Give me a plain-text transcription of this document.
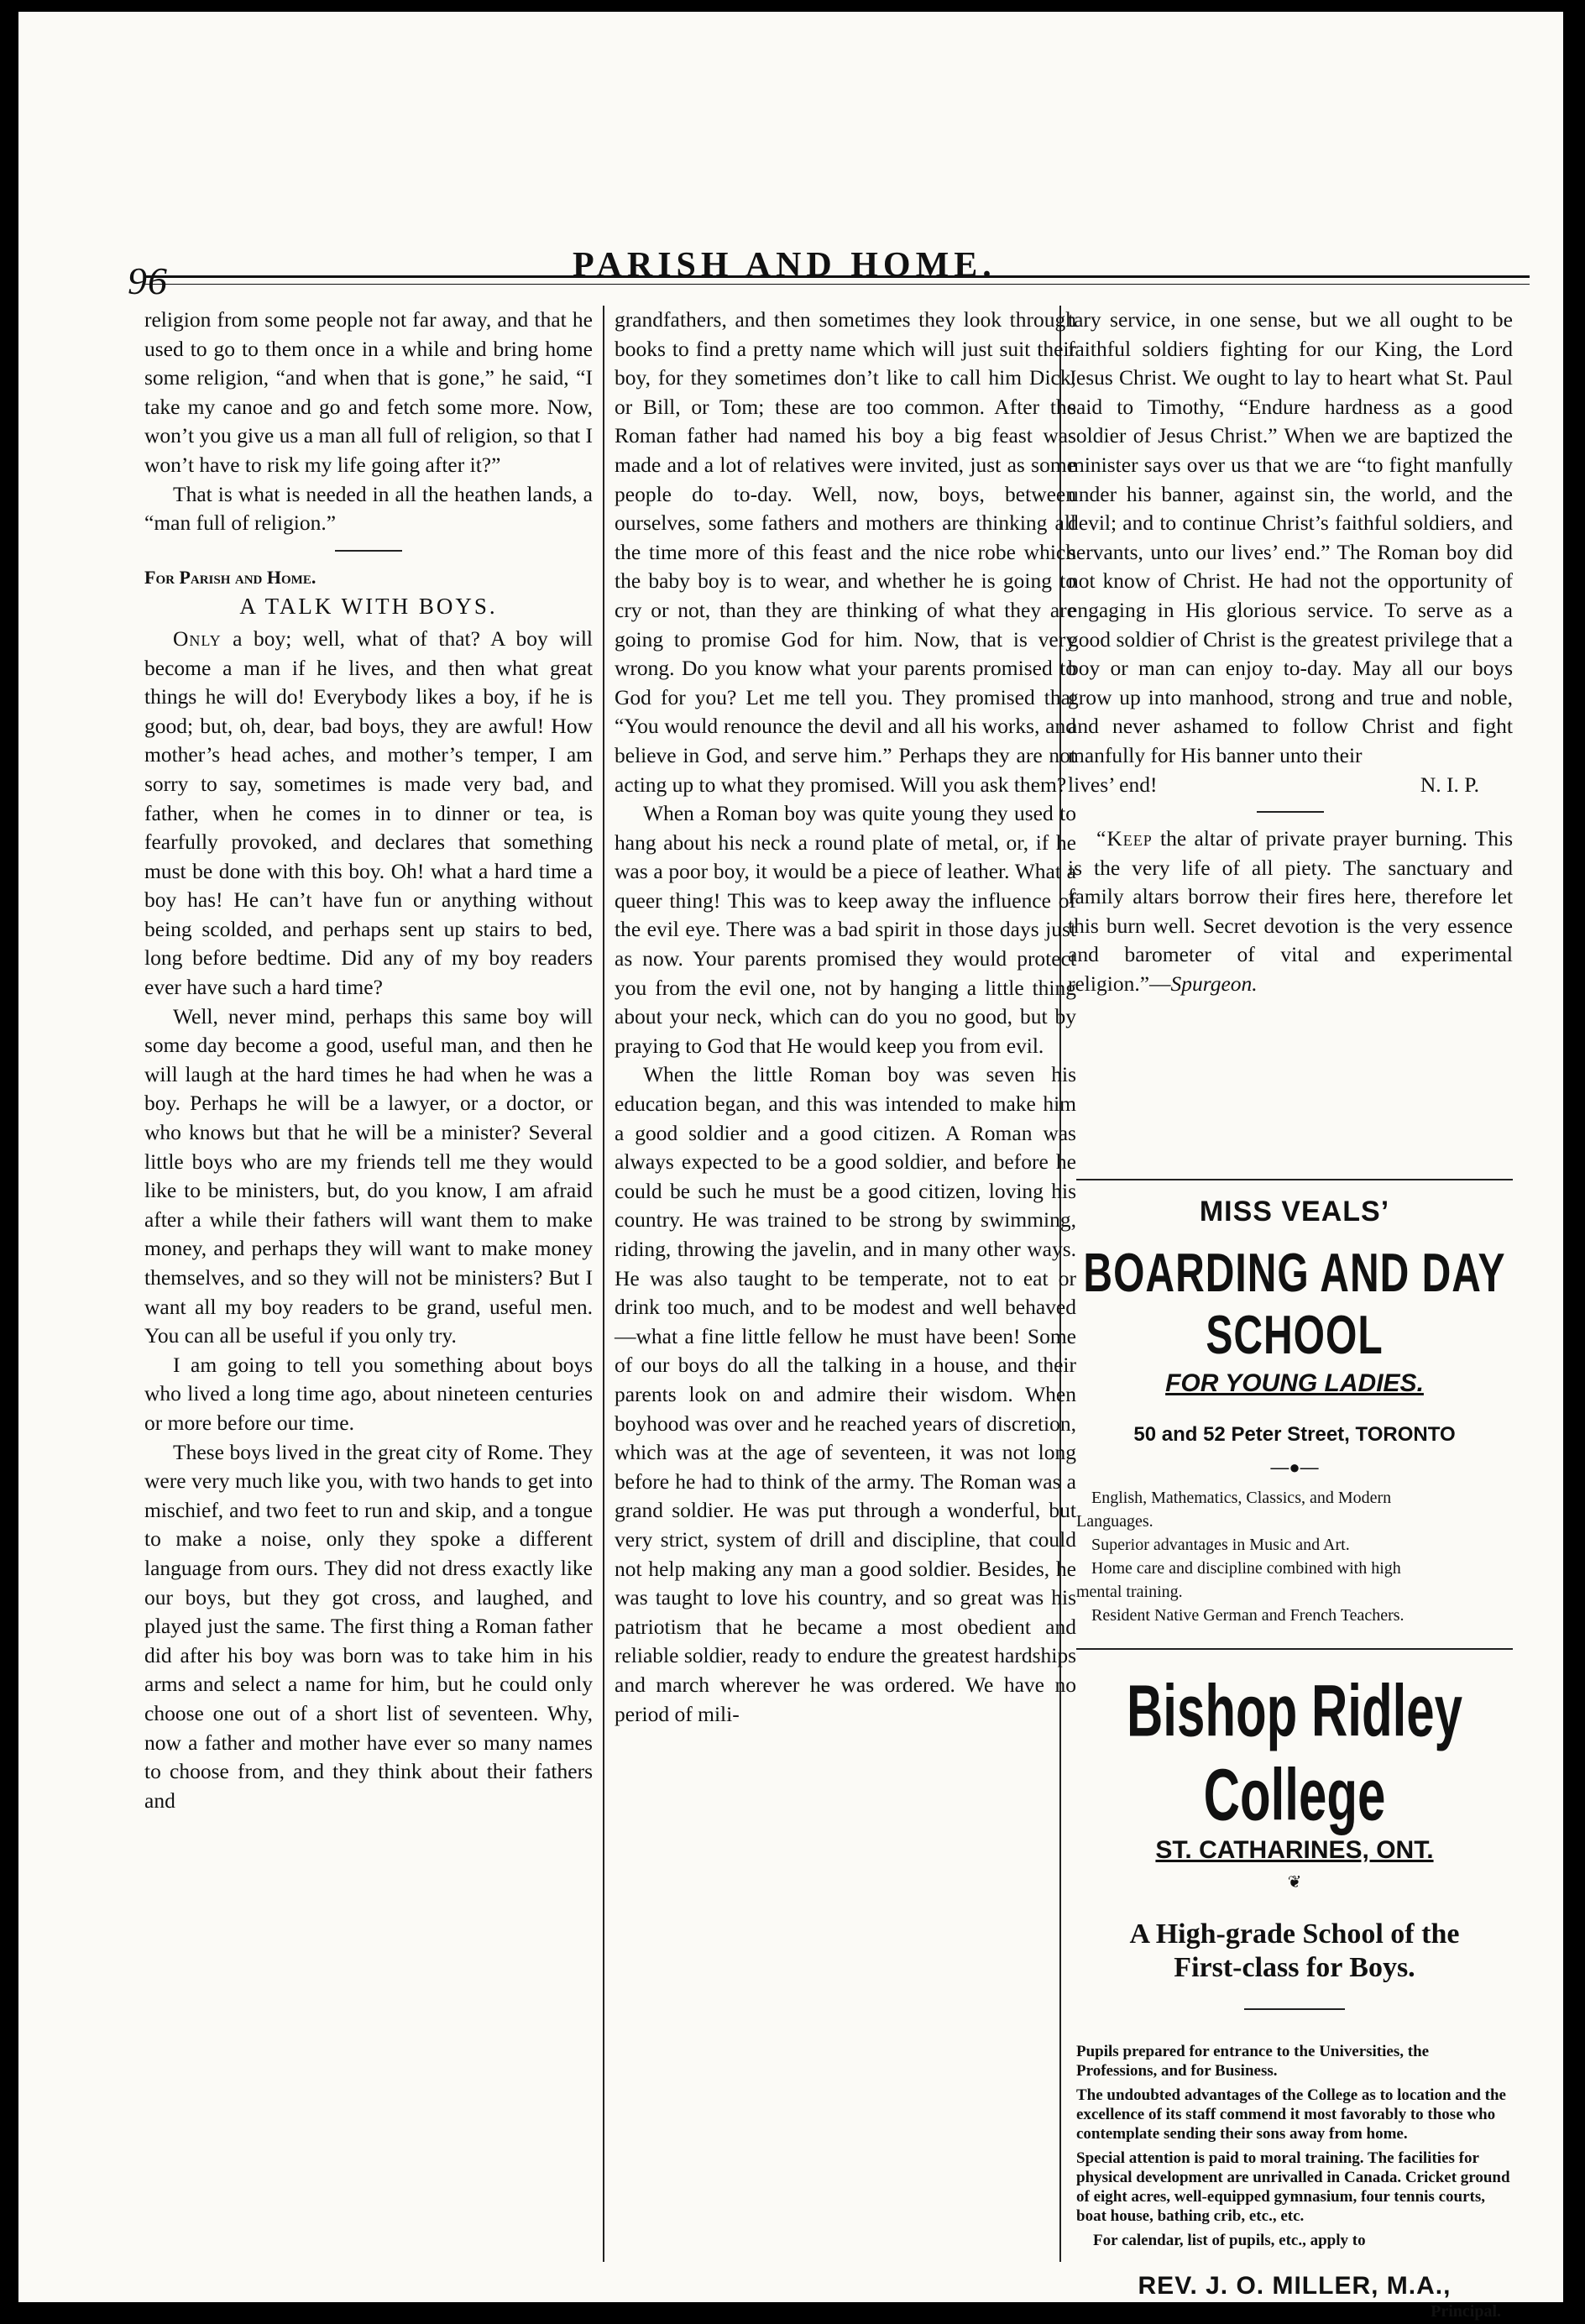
96	PARISH AND HOME.

religion from some people not far away, and that he used to go to them once in a while and bring home some religion, “and when that is gone,” he said, “I take my canoe and go and fetch some more. Now, won’t you give us a man all full of religion, so that I won’t have to risk my life going after it?”

That is what is needed in all the heathen lands, a “man full of religion.”

For Parish and Home.

A TALK WITH BOYS.

Only a boy; well, what of that? A boy will become a man if he lives, and then what great things he will do! Everybody likes a boy, if he is good; but, oh, dear, bad boys, they are awful! How mother’s head aches, and mother’s temper, I am sorry to say, sometimes is made very bad, and father, when he comes in to dinner or tea, is fearfully provoked, and declares that something must be done with this boy. Oh! what a hard time a boy has! He can’t have fun or anything without being scolded, and perhaps sent up stairs to bed, long before bedtime. Did any of my boy readers ever have such a hard time?

Well, never mind, perhaps this same boy will some day become a good, useful man, and then he will laugh at the hard times he had when he was a boy. Perhaps he will be a lawyer, or a doctor, or who knows but that he will be a minister? Several little boys who are my friends tell me they would like to be ministers, but, do you know, I am afraid after a while their fathers will want them to make money, and perhaps they will want to make money themselves, and so they will not be ministers? But I want all my boy readers to be grand, useful men. You can all be useful if you only try.

I am going to tell you something about boys who lived a long time ago, about nineteen centuries or more before our time.

These boys lived in the great city of Rome. They were very much like you, with two hands to get into mischief, and two feet to run and skip, and a tongue to make a noise, only they spoke a different language from ours. They did not dress exactly like our boys, but they got cross, and laughed, and played just the same. The first thing a Roman father did after his boy was born was to take him in his arms and select a name for him, but he could only choose one out of a short list of seventeen. Why, now a father and mother have ever so many names to choose from, and they think about their fathers and

grandfathers, and then sometimes they look through books to find a pretty name which will just suit their boy, for they sometimes don’t like to call him Dick, or Bill, or Tom; these are too common. After the Roman father had named his boy a big feast was made and a lot of relatives were invited, just as some people do to-day. Well, now, boys, between ourselves, some fathers and mothers are thinking all the time more of this feast and the nice robe which the baby boy is to wear, and whether he is going to cry or not, than they are thinking of what they are going to promise God for him. Now, that is very wrong. Do you know what your parents promised to God for you? Let me tell you. They promised that “You would renounce the devil and all his works, and believe in God, and serve him.” Perhaps they are not acting up to what they promised. Will you ask them?

When a Roman boy was quite young they used to hang about his neck a round plate of metal, or, if he was a poor boy, it would be a piece of leather. What a queer thing! This was to keep away the influence of the evil eye. There was a bad spirit in those days just as now. Your parents promised they would protect you from the evil one, not by hanging a little thing about your neck, which can do you no good, but by praying to God that He would keep you from evil.

When the little Roman boy was seven his education began, and this was intended to make him a good soldier and a good citizen. A Roman was always expected to be a good soldier, and before he could be such he must be a good citizen, loving his country. He was trained to be strong by swimming, riding, throwing the javelin, and in many other ways. He was also taught to be temperate, not to eat or drink too much, and to be modest and well behaved—what a fine little fellow he must have been! Some of our boys do all the talking in a house, and their parents look on and admire their wisdom. When boyhood was over and he reached years of discretion, which was at the age of seventeen, it was not long before he had to think of the army. The Roman was a grand soldier. He was put through a wonderful, but very strict, system of drill and discipline, that could not help making any man a good soldier. Besides, he was taught to love his country, and so great was his patriotism that he became a most obedient and reliable soldier, ready to endure the greatest hardships and march wherever he was ordered. We have no period of mili-

tary service, in one sense, but we all ought to be faithful soldiers fighting for our King, the Lord Jesus Christ. We ought to lay to heart what St. Paul said to Timothy, “Endure hardness as a good soldier of Jesus Christ.” When we are baptized the minister says over us that we are “to fight manfully under his banner, against sin, the world, and the devil; and to continue Christ’s faithful soldiers, and servants, unto our lives’ end.” The Roman boy did not know of Christ. He had not the opportunity of engaging in His glorious service. To serve as a good soldier of Christ is the greatest privilege that a boy or man can enjoy to-day. May all our boys grow up into manhood, strong and true and noble, and never ashamed to follow Christ and fight manfully for His banner unto their

lives’ end!	N. I. P.

“Keep the altar of private prayer burning. This is the very life of all piety. The sanctuary and family altars borrow their fires here, therefore let this burn well. Secret devotion is the very essence and barometer of vital and experimental religion.”—Spurgeon.

MISS VEALS’
BOARDING AND DAY SCHOOL
FOR YOUNG LADIES.
50 and 52 Peter Street, TORONTO
—●—
English, Mathematics, Classics, and Modern
Languages.
Superior advantages in Music and Art.
Home care and discipline combined with high
mental training.
Resident Native German and French Teachers.
Bishop Ridley College
ST. CATHARINES, ONT.
❦
A High-grade School of the
First-class for Boys.
Pupils prepared for entrance to the Universities, the Professions, and for Business.
The undoubted advantages of the College as to location and the excellence of its staff commend it most favorably to those who contemplate sending their sons away from home.
Special attention is paid to moral training. The facilities for physical development are unrivalled in Canada. Cricket ground of eight acres, well-equipped gymnasium, four tennis courts, boat house, bathing crib, etc., etc.
For calendar, list of pupils, etc., apply to
REV. J. O. MILLER, M.A.,
Principal.
